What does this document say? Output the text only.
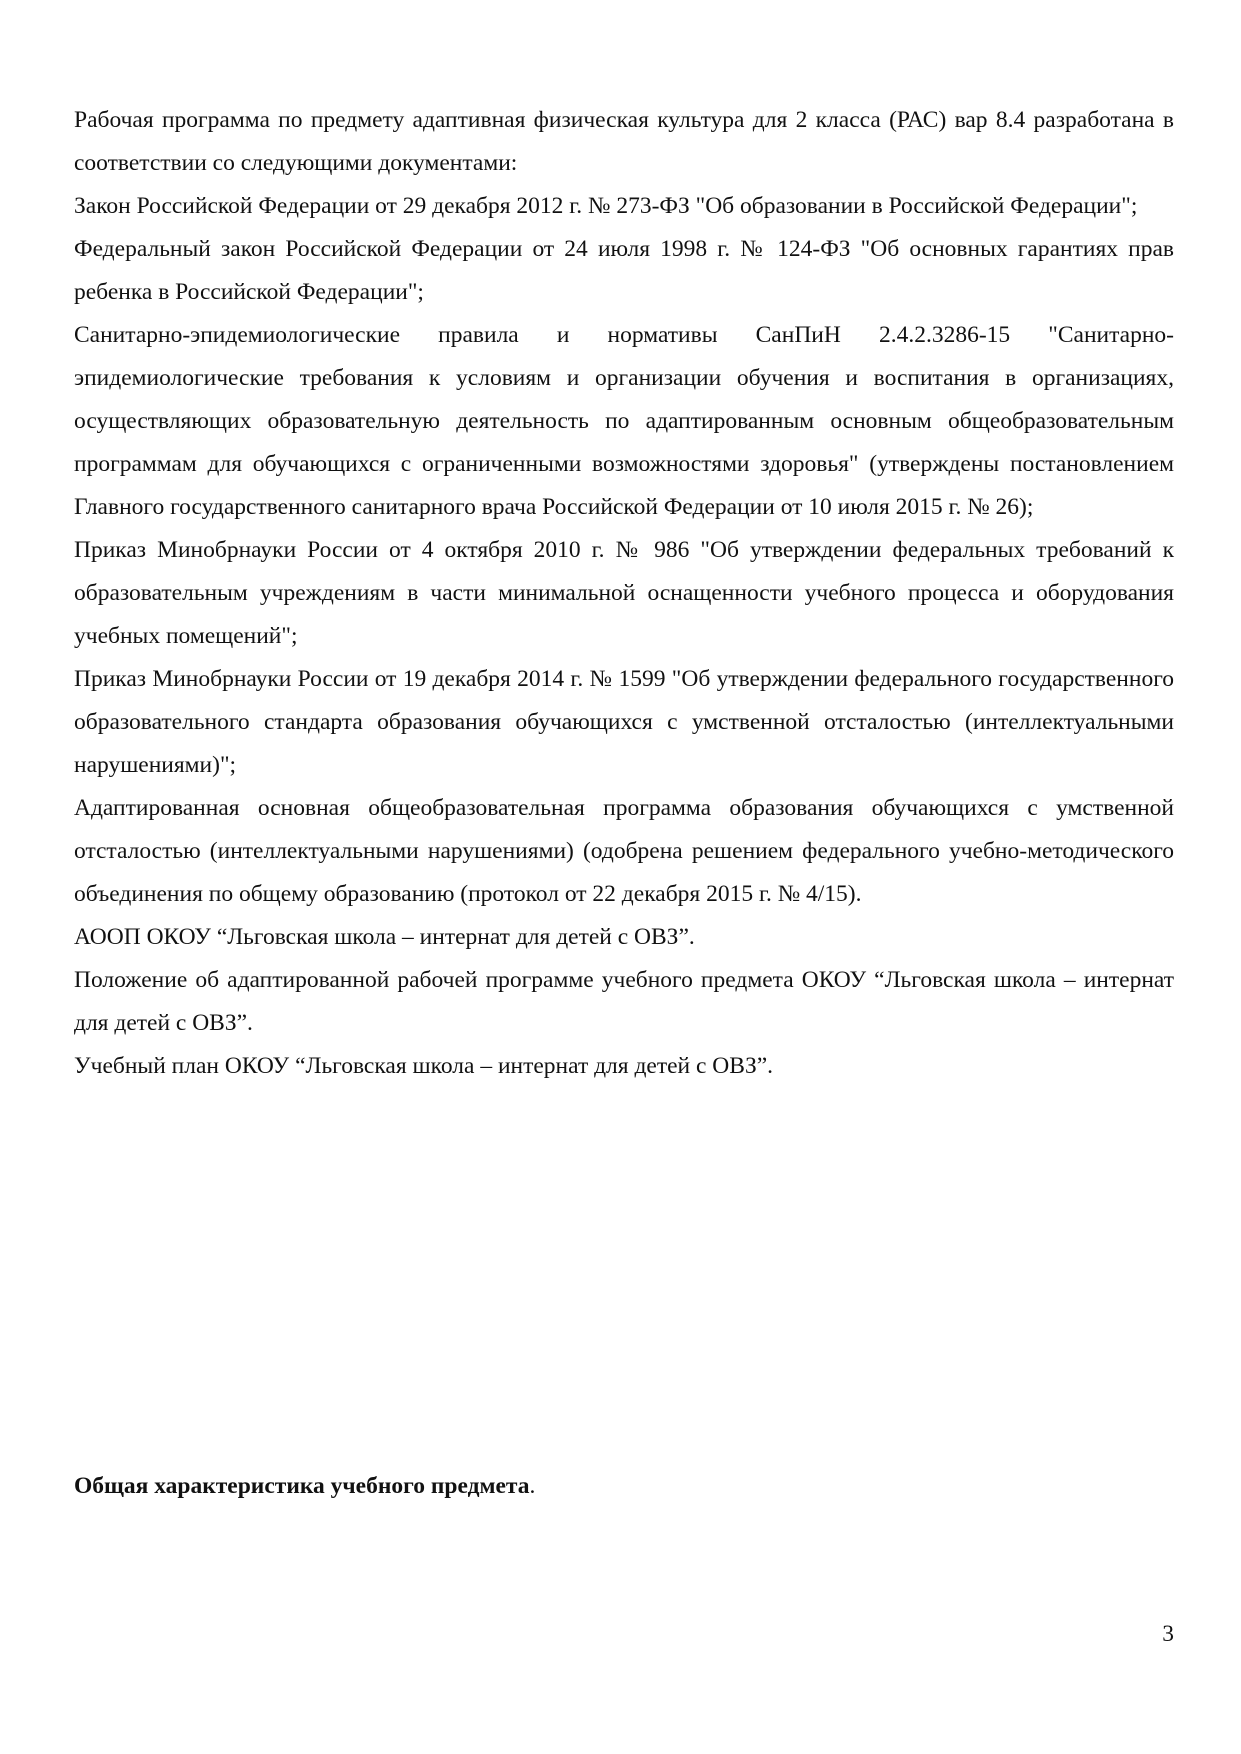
Рабочая программа по предмету адаптивная физическая культура для 2 класса (РАС) вар 8.4 разработана в соответствии со следующими документами:

Закон Российской Федерации от 29 декабря 2012 г. № 273-ФЗ "Об образовании в Российской Федерации";

Федеральный закон Российской Федерации от 24 июля 1998 г. № 124-ФЗ "Об основных гарантиях прав ребенка в Российской Федерации";

Санитарно-эпидемиологические правила и нормативы СанПиН 2.4.2.3286-15 "Санитарно-эпидемиологические требования к условиям и организации обучения и воспитания в организациях, осуществляющих образовательную деятельность по адаптированным основным общеобразовательным программам для обучающихся с ограниченными возможностями здоровья" (утверждены постановлением Главного государственного санитарного врача Российской Федерации от 10 июля 2015 г. № 26);

Приказ Минобрнауки России от 4 октября 2010 г. № 986 "Об утверждении федеральных требований к образовательным учреждениям в части минимальной оснащенности учебного процесса и оборудования учебных помещений";

Приказ Минобрнауки России от 19 декабря 2014 г. № 1599 "Об утверждении федерального государственного образовательного стандарта образования обучающихся с умственной отсталостью (интеллектуальными нарушениями)";

Адаптированная основная общеобразовательная программа образования обучающихся с умственной отсталостью (интеллектуальными нарушениями) (одобрена решением федерального учебно-методического объединения по общему образованию (протокол от 22 декабря 2015 г. № 4/15).

АООП ОКОУ “Льговская школа – интернат для детей с ОВЗ”.

Положение об адаптированной рабочей программе учебного предмета ОКОУ “Льговская школа – интернат для детей с ОВЗ”.

Учебный план ОКОУ “Льговская школа – интернат для детей с ОВЗ”.

Общая характеристика учебного предмета.

3
